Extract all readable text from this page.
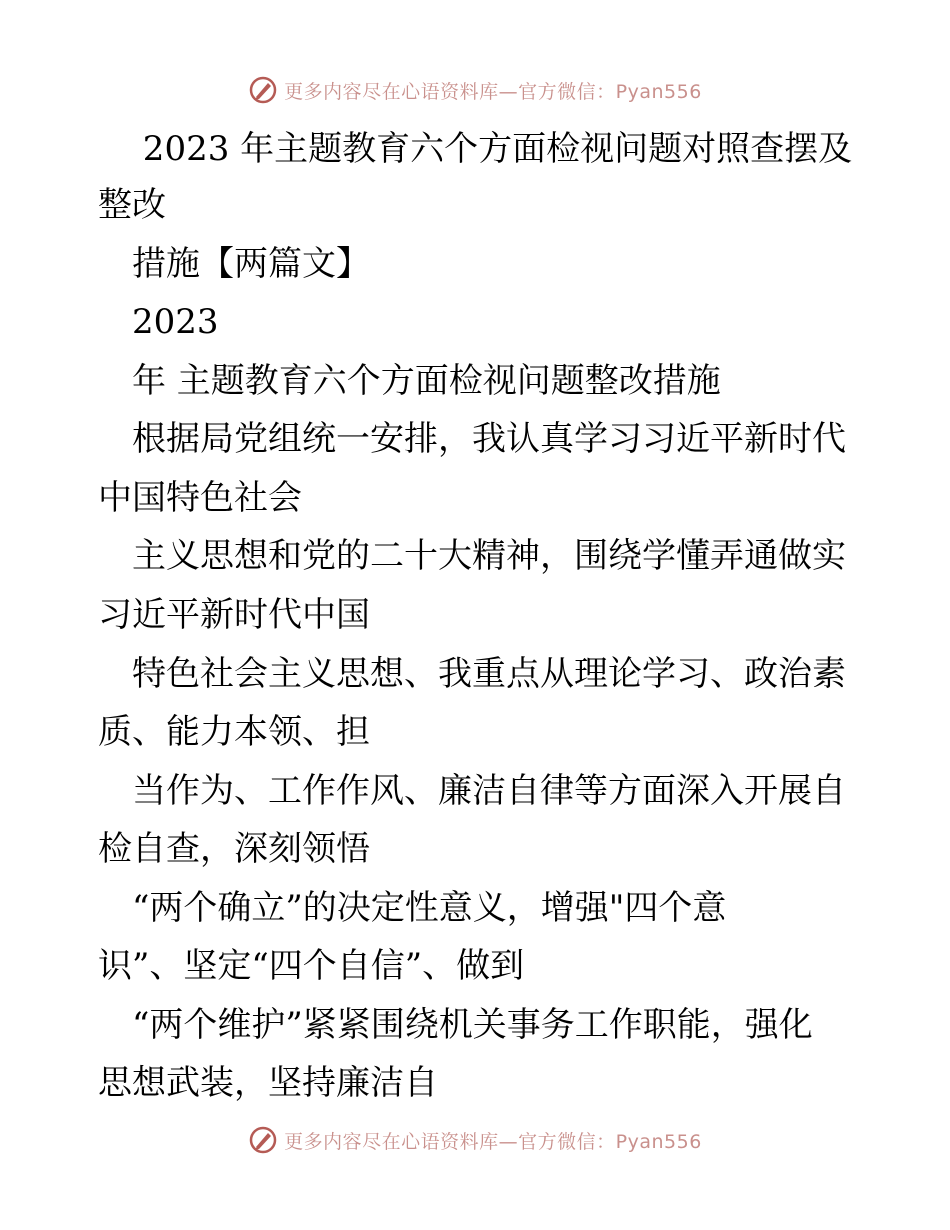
更多内容尽在心语资料库—官方微信：Pyan556
　 2023 年主题教育六个方面检视问题对照查摆及
整改
　措施【两篇文】
　2023
　年 主题教育六个方面检视问题整改措施
　根据局党组统一安排，我认真学习习近平新时代
中国特色社会
　主义思想和党的二十大精神，围绕学懂弄通做实
习近平新时代中国
　特色社会主义思想、我重点从理论学习、政治素
质、能力本领、担
　当作为、工作作风、廉洁自律等方面深入开展自
检自查，深刻领悟
　“两个确立”的决定性意义，增强"四个意
识”、坚定“四个自信”、做到
　“两个维护”紧紧围绕机关事务工作职能，强化
思想武装，坚持廉洁自
更多内容尽在心语资料库—官方微信：Pyan556
